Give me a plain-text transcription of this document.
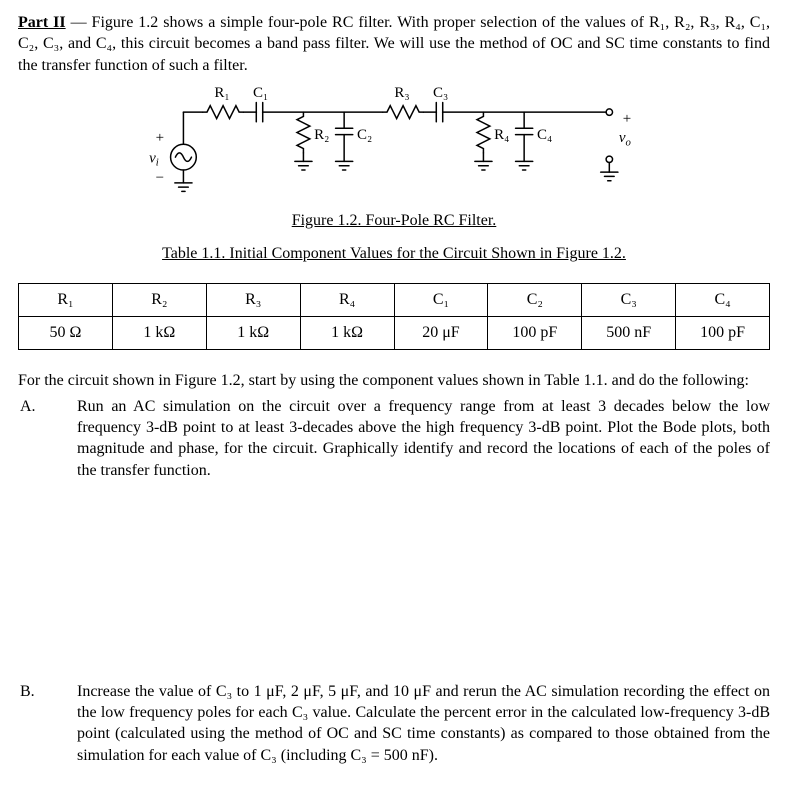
Part II — Figure 1.2 shows a simple four-pole RC filter. With proper selection of the values of R₁, R₂, R₃, R₄, C₁, C₂, C₃, and C₄, this circuit becomes a band pass filter. We will use the method of OC and SC time constants to find the transfer function of such a filter.

+
$v_i$
−
R₁ C₁
R₂ C₂
R₃ C₃
R₄ C₄
+
$v_o$

Figure 1.2. Four-Pole RC Filter.

Table 1.1. Initial Component Values for the Circuit Shown in Figure 1.2.

R₁	R₂	R₃	R₄	C₁	C₂	C₃	C₄
50 Ω	1 kΩ	1 kΩ	1 kΩ	20 μF	100 pF	500 nF	100 pF

For the circuit shown in Figure 1.2, start by using the component values shown in Table 1.1. and do the following:

A.	Run an AC simulation on the circuit over a frequency range from at least 3 decades below the low frequency 3-dB point to at least 3-decades above the high frequency 3-dB point. Plot the Bode plots, both magnitude and phase, for the circuit. Graphically identify and record the locations of each of the poles of the transfer function.
B.	Increase the value of C₃ to 1 μF, 2 μF, 5 μF, and 10 μF and rerun the AC simulation recording the effect on the low frequency poles for each C₃ value. Calculate the percent error in the calculated low-frequency 3-dB point (calculated using the method of OC and SC time constants) as compared to those obtained from the simulation for each value of C₃ (including C₃ = 500 nF).
